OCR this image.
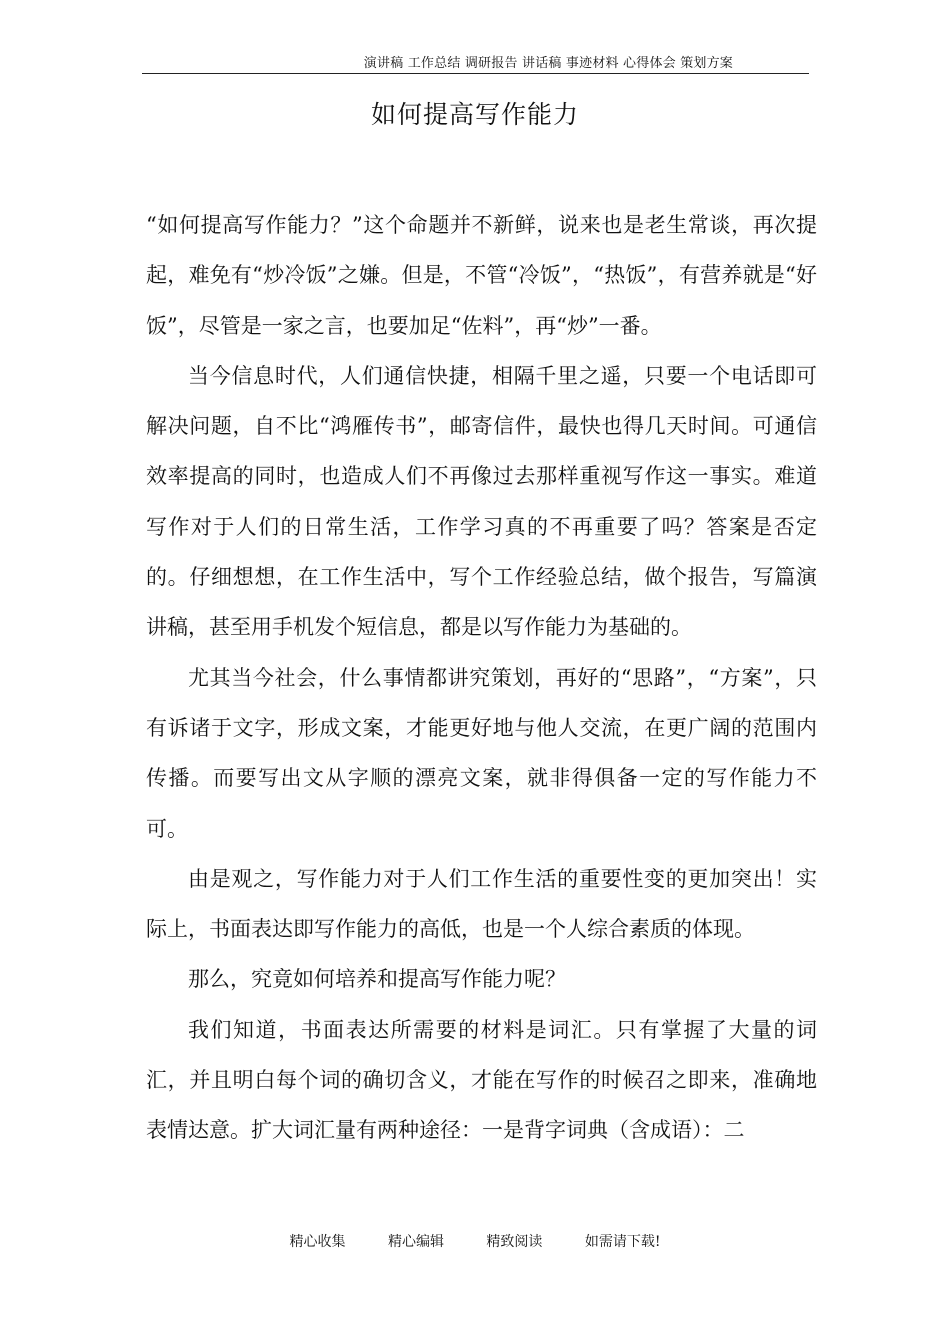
演讲稿 工作总结 调研报告 讲话稿 事迹材料 心得体会 策划方案
如何提高写作能力

“如何提高写作能力？”这个命题并不新鲜，说来也是老生常谈，再次提起，难免有“炒冷饭”之嫌。但是，不管“冷饭”，“热饭”，有营养就是“好饭”，尽管是一家之言，也要加足“佐料”，再“炒”一番。

当今信息时代，人们通信快捷，相隔千里之遥，只要一个电话即可解决问题，自不比“鸿雁传书”，邮寄信件，最快也得几天时间。可通信效率提高的同时，也造成人们不再像过去那样重视写作这一事实。难道写作对于人们的日常生活，工作学习真的不再重要了吗？答案是否定的。仔细想想，在工作生活中，写个工作经验总结，做个报告，写篇演讲稿，甚至用手机发个短信息，都是以写作能力为基础的。

尤其当今社会，什么事情都讲究策划，再好的“思路”，“方案”，只有诉诸于文字，形成文案，才能更好地与他人交流，在更广阔的范围内传播。而要写出文从字顺的漂亮文案，就非得俱备一定的写作能力不可。

由是观之，写作能力对于人们工作生活的重要性变的更加突出！实际上，书面表达即写作能力的高低，也是一个人综合素质的体现。

那么，究竟如何培养和提高写作能力呢？

我们知道，书面表达所需要的材料是词汇。只有掌握了大量的词汇，并且明白每个词的确切含义，才能在写作的时候召之即来，准确地表情达意。扩大词汇量有两种途径：一是背字词典（含成语）：二

精心收集	精心编辑	精致阅读	如需请下载!
